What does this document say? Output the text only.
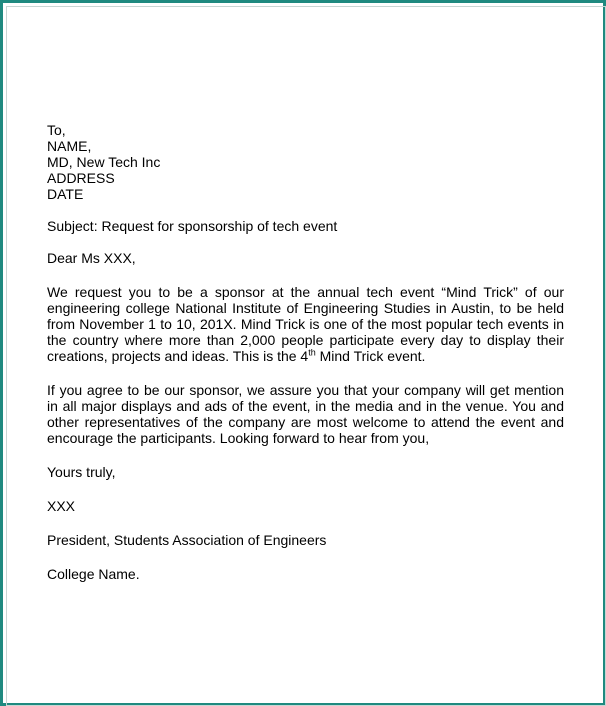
To,
NAME,
MD, New Tech Inc
ADDRESS
DATE
Subject: Request for sponsorship of tech event
Dear Ms XXX,
We request you to be a sponsor at the annual tech event “Mind Trick” of our engineering college National Institute of Engineering Studies in Austin, to be held from November 1 to 10, 201X. Mind Trick is one of the most popular tech events in the country where more than 2,000 people participate every day to display their creations, projects and ideas. This is the 4th Mind Trick event.
If you agree to be our sponsor, we assure you that your company will get mention in all major displays and ads of the event, in the media and in the venue. You and other representatives of the company are most welcome to attend the event and encourage the participants. Looking forward to hear from you,
Yours truly,
XXX
President, Students Association of Engineers
College Name.
